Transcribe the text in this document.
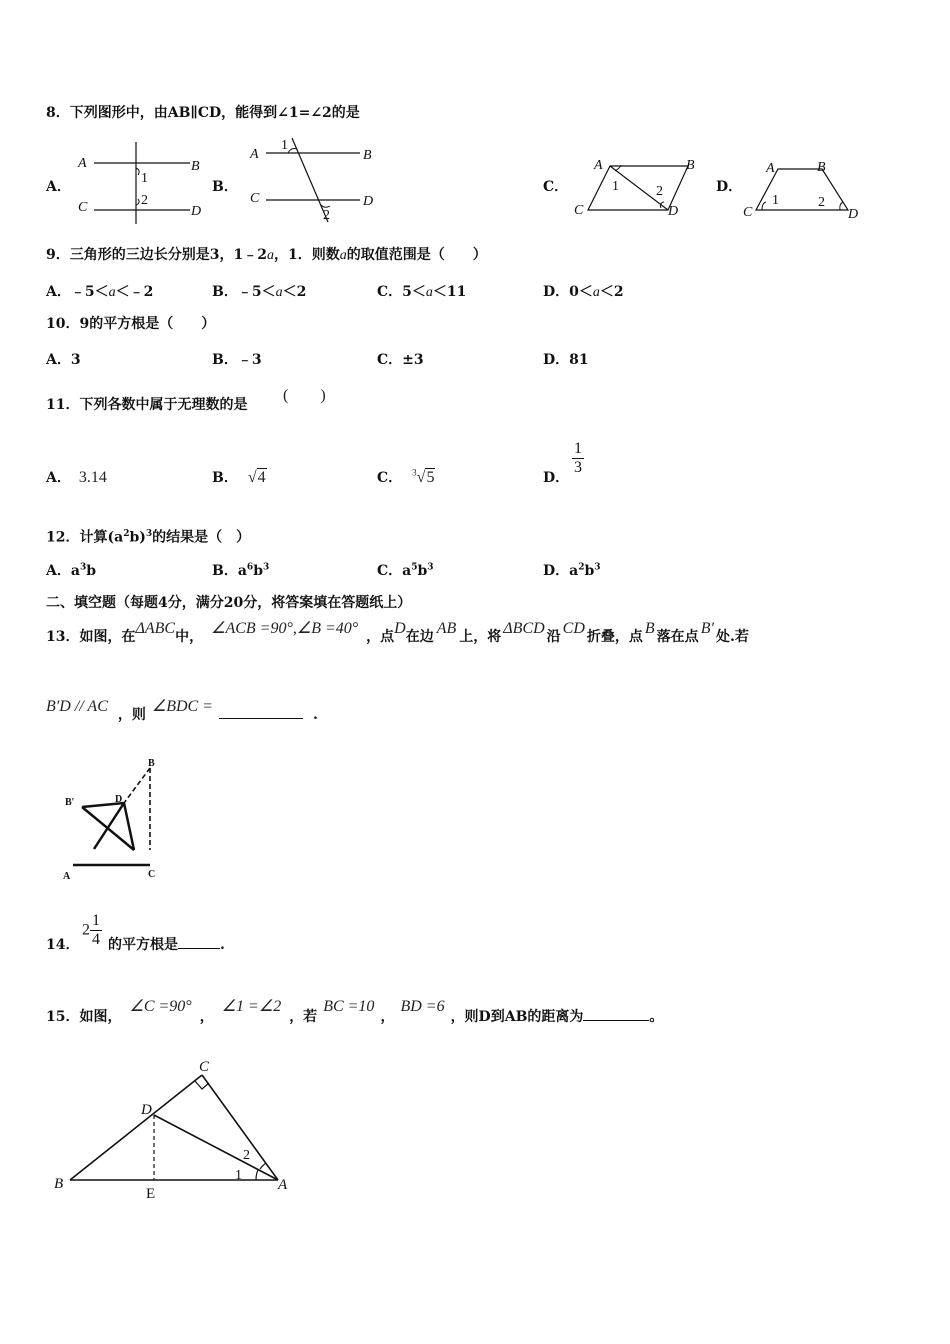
8．下列图形中，由AB∥CD，能得到∠1=∠2的是
A．
A	B
C	D
1
2
B．
A	B
C	D
1
2
C．
A	B
C	D
1	2	D．
A	B
C	D
1	2
9．三角形的三边长分别是3，1﹣2a，1．则数a的取值范围是（　　）
A．﹣5＜a＜﹣2	B．﹣5＜a＜2	C．5＜a＜11	D．0＜a＜2
10．9的平方根是（　　）
A．3	B．﹣3	C．±3	D．81
11．下列各数中属于无理数的是
(　　)
A． 3.14	B． √4	C． $^3$√5	D．
$\frac{1}{3}$
12．计算$(a^2b)^3$的结果是（　）
A．$a^3b$	B．$a^6b^3$	C．$a^5b^3$	D．$a^2b^3$
二、填空题（每题4分，满分20分，将答案填在答题纸上）
13．如图，在ΔABC中， ∠ACB =90°,∠B =40° ，点D在边 AB 上，将 ΔBCD 沿 CD 折叠，点 B 落在点 B′ 处.若
B′D // AC ，则 ∠BDC =	.
B
B′	D
A	C
14．
$2 \frac{1}{4}$ 的平方根是	.
15．如图，∠C =90°，∠1 =∠2，若BC =10，BD =6，则D到AB的距离为	。
C
D
B
E
A
1
2
